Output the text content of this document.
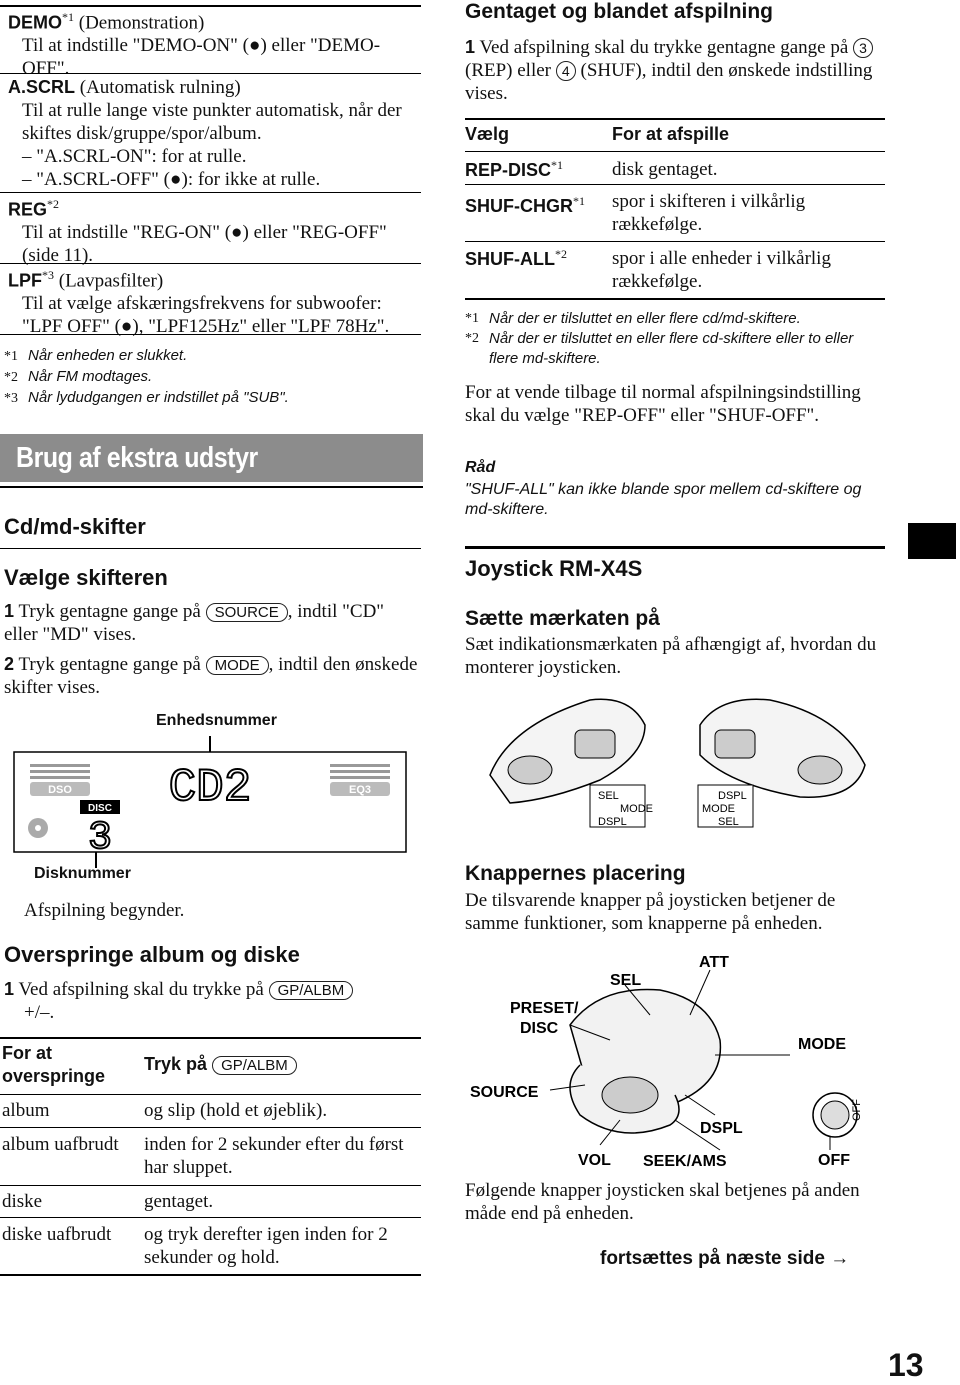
DEMO$^{*1}$ (Demonstration)
Til at indstille "DEMO-ON" (●) eller "DEMO-OFF".
A.SCRL (Automatisk rulning)
Til at rulle lange viste punkter automatisk, når der skiftes disk/gruppe/spor/album.
– "A.SCRL-ON": for at rulle.
– "A.SCRL-OFF" (●): for ikke at rulle.
REG$^{*2}$
Til at indstille "REG-ON" (●) eller "REG-OFF" (side 11).
LPF$^{*3}$ (Lavpasfilter)
Til at vælge afskæringsfrekvens for subwoofer: "LPF OFF" (●), "LPF125Hz" eller "LPF 78Hz".
*1 Når enheden er slukket.
*2 Når FM modtages.
*3 Når lydudgangen er indstillet på "SUB".
Brug af ekstra udstyr
Cd/md-skifter
Vælge skifteren
1 Tryk gentagne gange på SOURCE , indtil "CD" eller "MD" vises.
2 Tryk gentagne gange på MODE , indtil den ønskede skifter vises.
Enhedsnummer
DSO	EQ3
CD2
DISC
3
Disknummer
Afspilning begynder.
Overspringe album og diske
1 Ved afspilning skal du trykke på GP/ALBM
+/–.
For at overspringe
Tryk på GP/ALBM
album	og slip (hold et øjeblik).
album uafbrudt	inden for 2 sekunder efter du først har sluppet.
diske	gentaget.
diske uafbrudt	og tryk derefter igen inden for 2 sekunder og hold.
Gentaget og blandet afspilning
1 Ved afspilning skal du trykke gentagne gange på 3 (REP) eller 4 (SHUF), indtil den ønskede indstilling vises.
Vælg	For at afspille
REP-DISC$^{*1}$	disk gentaget.
SHUF-CHGR$^{*1}$ spor i skifteren i vilkårlig rækkefølge.
SHUF-ALL$^{*2}$ spor i alle enheder i vilkårlig rækkefølge.
*1 Når der er tilsluttet en eller flere cd/md-skiftere.
*2 Når der er tilsluttet en eller flere cd-skiftere eller to eller flere md-skiftere.
For at vende tilbage til normal afspilningsindstilling skal du vælge "REP-OFF" eller "SHUF-OFF".
Råd
"SHUF-ALL" kan ikke blande spor mellem cd-skiftere og md-skiftere.
Joystick RM-X4S
Sætte mærkaten på
Sæt indikationsmærkaten på afhængigt af, hvordan du monterer joysticken.
SEL
MODE
DSPL
DSPL
MODE
SEL
Knappernes placering
De tilsvarende knapper på joysticken betjener de samme funktioner, som knapperne på enheden.
OFF
SEL
ATT
PRESET/ DISC
MODE
SOURCE
DSPL
VOL SEEK/AMS	OFF
Følgende knapper joysticken skal betjenes på anden måde end på enheden.
fortsættes på næste side →
13
